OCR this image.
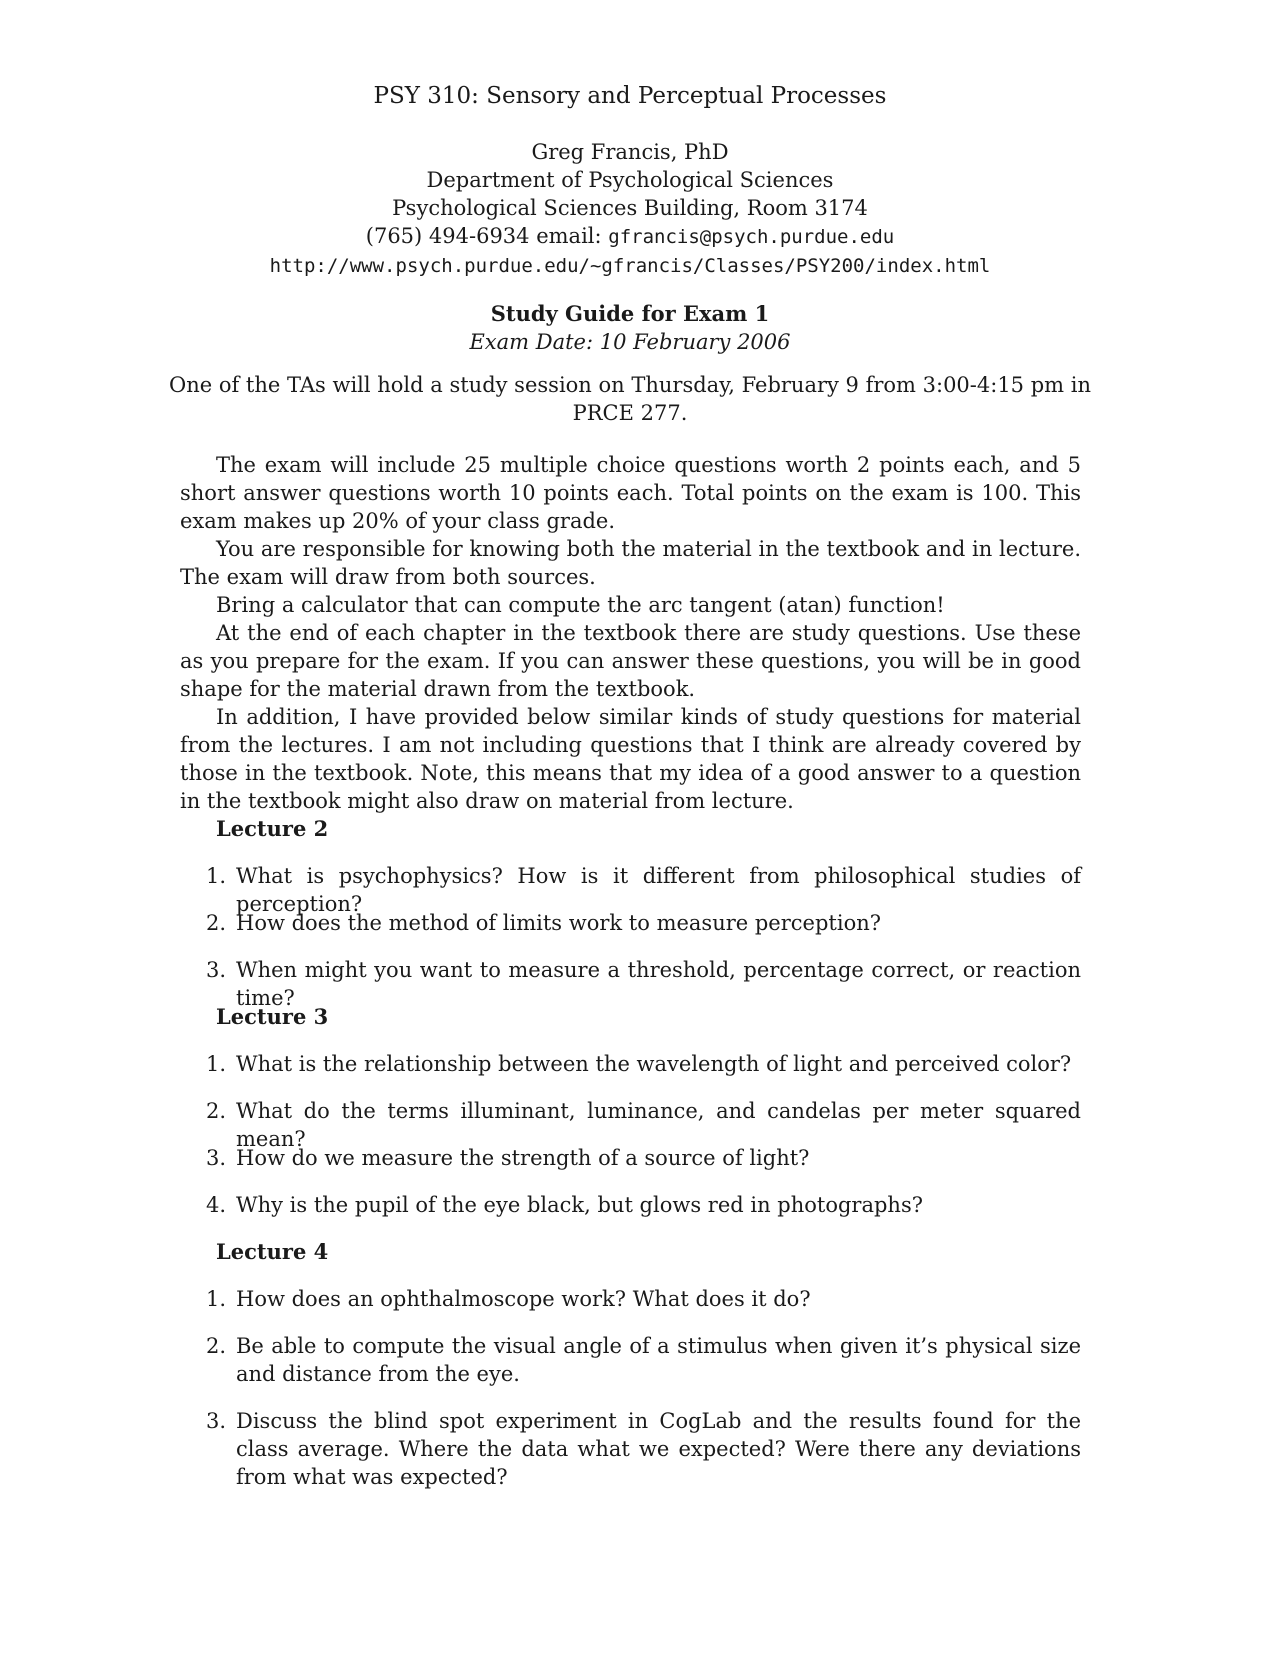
PSY 310: Sensory and Perceptual Processes
Greg Francis, PhD
Department of Psychological Sciences
Psychological Sciences Building, Room 3174
(765) 494-6934 email: gfrancis@psych.purdue.edu
http://www.psych.purdue.edu/~gfrancis/Classes/PSY200/index.html
Study Guide for Exam 1
Exam Date: 10 February 2006
One of the TAs will hold a study session on Thursday, February 9 from 3:00-4:15 pm in
PRCE 277.
The exam will include 25 multiple choice questions worth 2 points each, and 5 short answer questions worth 10 points each. Total points on the exam is 100. This exam makes up 20% of your class grade.
You are responsible for knowing both the material in the textbook and in lecture. The exam will draw from both sources.
Bring a calculator that can compute the arc tangent (atan) function!
At the end of each chapter in the textbook there are study questions. Use these as you prepare for the exam. If you can answer these questions, you will be in good shape for the material drawn from the textbook.
In addition, I have provided below similar kinds of study questions for material from the lectures. I am not including questions that I think are already covered by those in the textbook. Note, this means that my idea of a good answer to a question in the textbook might also draw on material from lecture.
Lecture 2
1. What is psychophysics? How is it different from philosophical studies of perception?
2. How does the method of limits work to measure perception?
3. When might you want to measure a threshold, percentage correct, or reaction time?
Lecture 3
1. What is the relationship between the wavelength of light and perceived color?
2. What do the terms illuminant, luminance, and candelas per meter squared mean?
3. How do we measure the strength of a source of light?
4. Why is the pupil of the eye black, but glows red in photographs?
Lecture 4
1. How does an ophthalmoscope work? What does it do?
2. Be able to compute the visual angle of a stimulus when given it’s physical size and distance from the eye.
3. Discuss the blind spot experiment in CogLab and the results found for the class average. Where the data what we expected? Were there any deviations from what was expected?
